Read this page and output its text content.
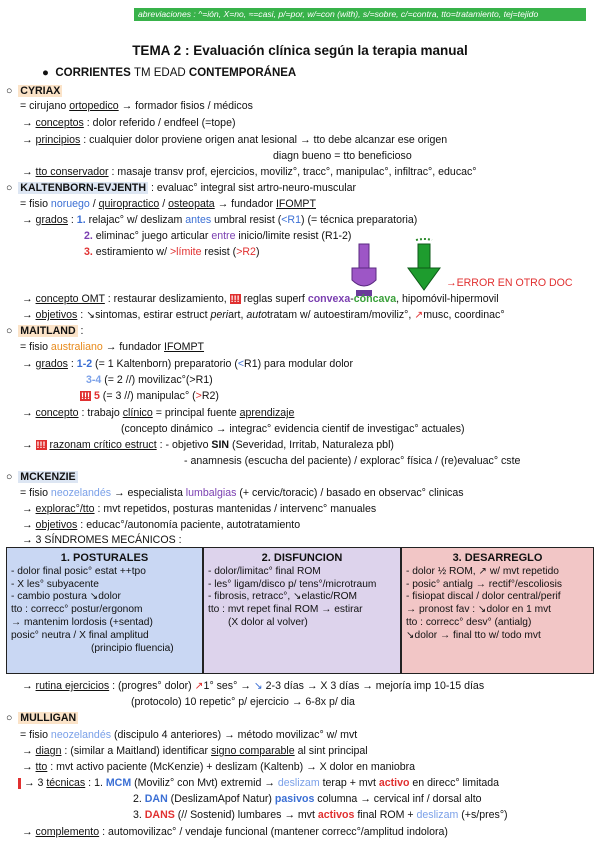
abreviaciones : ^=ión, X=no, ≈=casi, p/=por, w/=con (with), s/=sobre, c/=contra, tto=tratamiento, tej=tejido
TEMA 2 : Evaluación clínica según la terapia manual
●  CORRIENTES TM EDAD CONTEMPORÁNEA
○  CYRIAX
= cirujano ortopedico → formador fisios / médicos
→ conceptos : dolor referido / endfeel (=tope)
→ principios : cualquier dolor proviene origen anat lesional → tto debe alcanzar ese origen
diagn bueno = tto beneficioso
→ tto conservador : masaje transv prof, ejercicios, moviliz°, tracc°, manipulac°, infiltrac°, educac°
○  KALTENBORN-EVJENTH : evaluac° integral sist artro-neuro-muscular
= fisio noruego / quiropractico / osteopata → fundador IFOMPT
→ grados : 1. relajac° w/ deslizam antes umbral resist (<R1) (= técnica preparatoria)
2. eliminac° juego articular entre inicio/limite resist (R1-2)
3. estiramiento w/ >límite resist (>R2)
→ERROR EN OTRO DOC
→ concepto OMT : restaurar deslizamiento, !!! reglas superf convexa-cóncava, hipomóvil-hipermovil
→ objetivos : ↘sintomas, estirar estruct periart, autotratam w/ autoestiram/moviliz°, ↗musc, coordinac°
○  MAITLAND :
= fisio australiano → fundador IFOMPT
→ grados : 1-2 (= 1 Kaltenborn) preparatorio (<R1) para modular dolor
3-4 (= 2 //) movilizac°(>R1)
!!! 5 (= 3 //) manipulac° (>R2)
→ concepto : trabajo clínico = principal fuente aprendizaje
(concepto dinámico → integrac° evidencia cientif de investigac° actuales)
→ !!! razonam crítico estruct : - objetivo SIN (Severidad, Irritab, Naturaleza pbl)
- anamnesis (escucha del paciente) / explorac° física / (re)evaluac° cste
○  MCKENZIE
= fisio neozelandés → especialista lumbalgias (+ cervic/toracic) / basado en observac° clinicas
→ explorac°/tto : mvt repetidos, posturas mantenidas / intervenc° manuales
→ objetivos : educac°/autonomía paciente, autotratamiento
→ 3 SÍNDROMES MECÁNICOS :
1. POSTURALES
- dolor final posic° estat ++tpo
- X les° subyacente
- cambio postura ↘dolor
tto : correcc° postur/ergonom
→ mantenim lordosis (+sentad)
posic° neutra / X final amplitud
(principio fluencia)
2. DISFUNCION
- dolor/limitac° final ROM
- les° ligam/disco p/ tens°/microtraum
- fibrosis, retracc°, ↘elastic/ROM
tto : mvt repet final ROM → estirar
(X dolor al volver)
3. DESARREGLO
- dolor ½ ROM, ↗ w/ mvt repetido
- posic° antialg → rectif°/escoliosis
- fisiopat discal / dolor central/perif
→ pronost fav : ↘dolor en 1 mvt
tto : correcc° desv° (antialg)
↘dolor → final tto w/ todo mvt
→ rutina ejercicios : (progres° dolor) ↗1° ses° → ↘ 2-3 días → X 3 días → mejoría imp 10-15 días
(protocolo) 10 repetic° p/ ejercicio → 6-8x p/ dia
○  MULLIGAN
= fisio neozelandés (discipulo 4 anteriores) → método movilizac° w/ mvt
→ diagn : (similar a Maitland) identificar signo comparable al sint principal
→ tto : mvt activo paciente (McKenzie) + deslizam (Kaltenb) → X dolor en maniobra
→ 3 técnicas : 1. MCM (Moviliz° con Mvt) extremid → deslizam terap + mvt activo en direcc° limitada
2. DAN (DeslizamApof Natur) pasivos columna → cervical inf / dorsal alto
3. DANS (// Sostenid) lumbares → mvt activos final ROM + deslizam (+s/pres°)
→ complemento : automovilizac° / vendaje funcional (mantener correcc°/amplitud indolora)
